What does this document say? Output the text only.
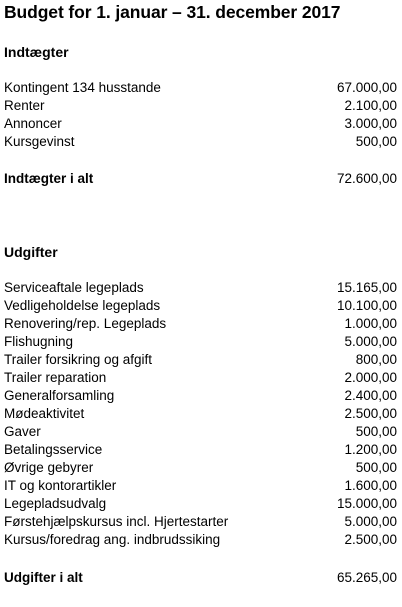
Budget for 1. januar – 31. december 2017
Indtægter
Kontingent 134 husstande	67.000,00
Renter	2.100,00
Annoncer	3.000,00
Kursgevinst	500,00
Indtægter i alt	72.600,00
Udgifter
Serviceaftale legeplads	15.165,00
Vedligeholdelse legeplads	10.100,00
Renovering/rep. Legeplads	1.000,00
Flishugning	5.000,00
Trailer forsikring og afgift	800,00
Trailer reparation	2.000,00
Generalforsamling	2.400,00
Mødeaktivitet	2.500,00
Gaver	500,00
Betalingsservice	1.200,00
Øvrige gebyrer	500,00
IT og kontorartikler	1.600,00
Legepladsudvalg	15.000,00
Førstehjælpskursus incl. Hjertestarter	5.000,00
Kursus/foredrag ang. indbrudssiking	2.500,00
Udgifter i alt	65.265,00
